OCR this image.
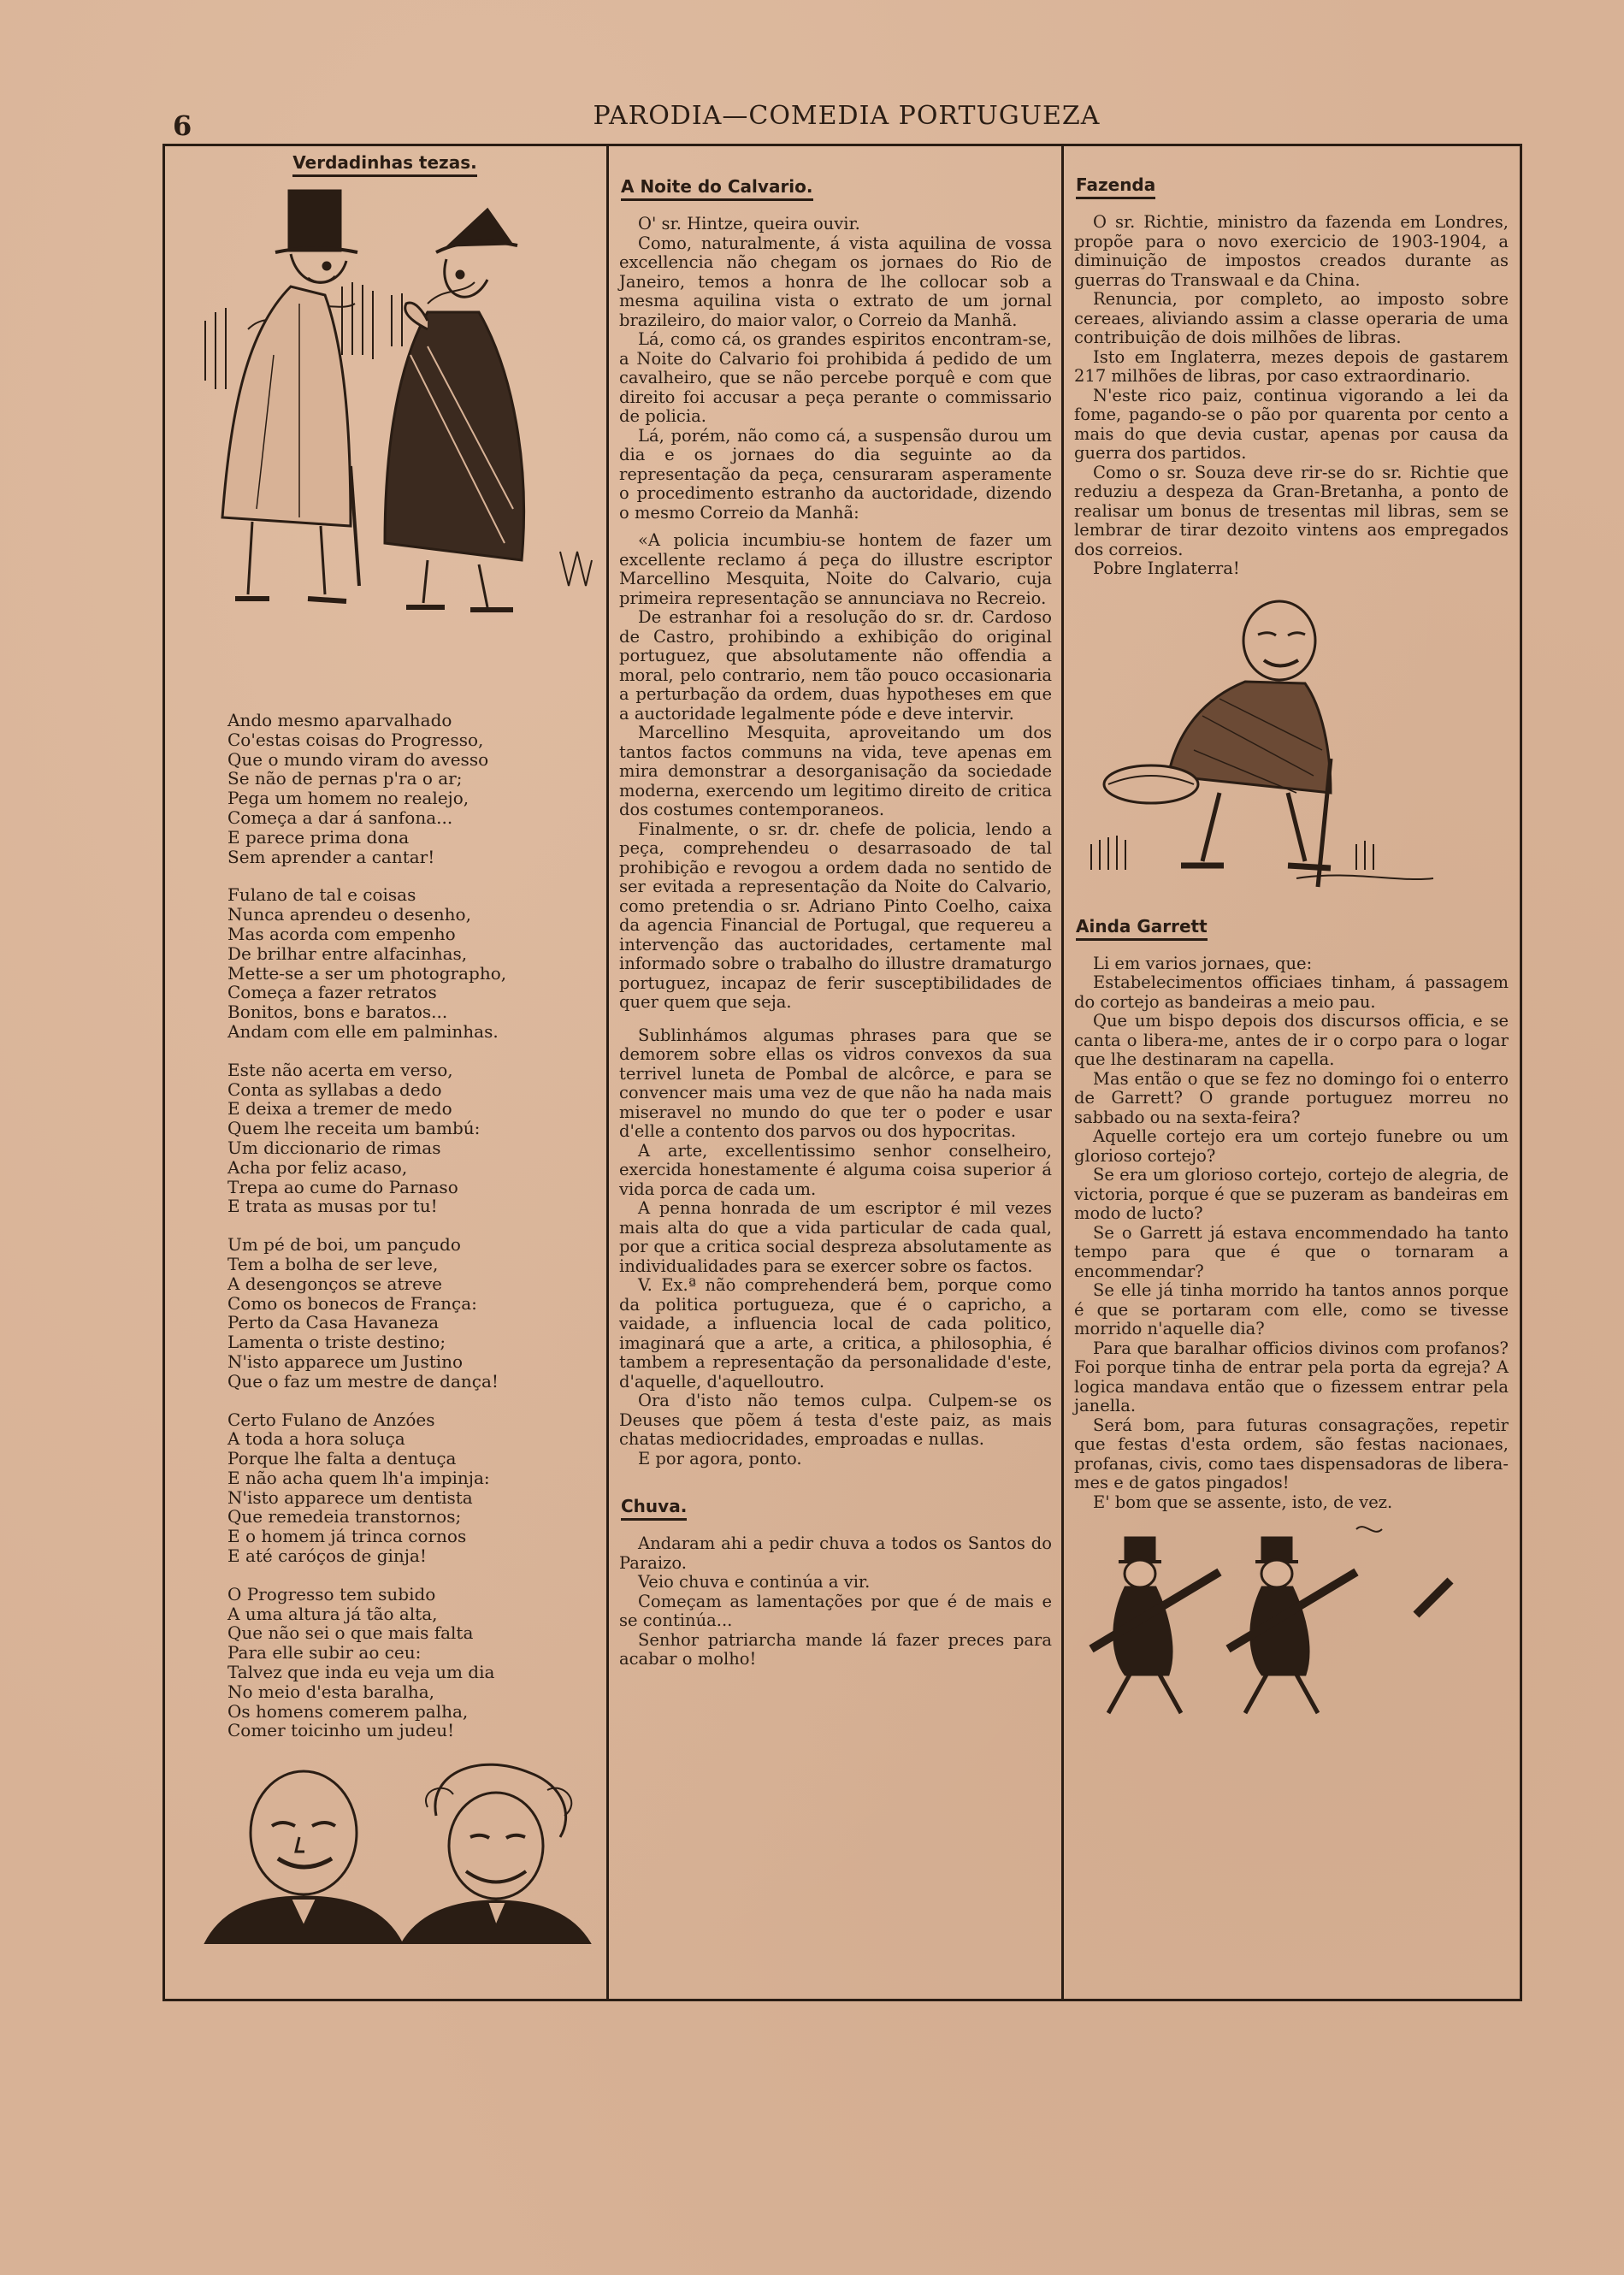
6	PARODIA—COMEDIA PORTUGUEZA
Verdadinhas tezas.
Ando mesmo aparvalhado
Co'estas coisas do Progresso,
Que o mundo viram do avesso
Se não de pernas p'ra o ar;
Pega um homem no realejo,
Começa a dar á sanfona...
E parece prima dona
Sem aprender a cantar!
Fulano de tal e coisas
Nunca aprendeu o desenho,
Mas acorda com empenho
De brilhar entre alfacinhas,
Mette-se a ser um photographo,
Começa a fazer retratos
Bonitos, bons e baratos...
Andam com elle em palminhas.
Este não acerta em verso,
Conta as syllabas a dedo
E deixa a tremer de medo
Quem lhe receita um bambú:
Um diccionario de rimas
Acha por feliz acaso,
Trepa ao cume do Parnaso
E trata as musas por tu!
Um pé de boi, um pançudo
Tem a bolha de ser leve,
A desengonços se atreve
Como os bonecos de França:
Perto da Casa Havaneza
Lamenta o triste destino;
N'isto apparece um Justino
Que o faz um mestre de dança!
Certo Fulano de Anzóes
A toda a hora soluça
Porque lhe falta a dentuça
E não acha quem lh'a impinja:
N'isto apparece um dentista
Que remedeia transtornos;
E o homem já trinca cornos
E até caróços de ginja!
O Progresso tem subido
A uma altura já tão alta,
Que não sei o que mais falta
Para elle subir ao ceu:
Talvez que inda eu veja um dia
No meio d'esta baralha,
Os homens comerem palha,
Comer toicinho um judeu!
A Noite do Calvario.

O' sr. Hintze, queira ouvir.

Como, naturalmente, á vista aquilina de vossa excellencia não chegam os jornaes do Rio de Janeiro, temos a honra de lhe collocar sob a mesma aquilina vista o extrato de um jornal brazileiro, do maior valor, o Correio da Manhã.

Lá, como cá, os grandes espiritos encontram-se, a Noite do Calvario foi prohibida á pedido de um cavalheiro, que se não percebe porquê e com que direito foi accusar a peça perante o commissario de policia.

Lá, porém, não como cá, a suspensão durou um dia e os jornaes do dia seguinte ao da representação da peça, censuraram asperamente o procedimento estranho da auctoridade, dizendo o mesmo Correio da Manhã:

«A policia incumbiu-se hontem de fazer um excellente reclamo á peça do illustre escriptor Marcellino Mesquita, Noite do Calvario, cuja primeira representação se annunciava no Recreio.

De estranhar foi a resolução do sr. dr. Cardoso de Castro, prohibindo a exhibição do original portuguez, que absolutamente não offendia a moral, pelo contrario, nem tão pouco occasionaria a perturbação da ordem, duas hypotheses em que a auctoridade legalmente póde e deve intervir.

Marcellino Mesquita, aproveitando um dos tantos factos communs na vida, teve apenas em mira demonstrar a desorganisação da sociedade moderna, exercendo um legitimo direito de critica dos costumes contemporaneos.

Finalmente, o sr. dr. chefe de policia, lendo a peça, comprehendeu o desarrasoado de tal prohibição e revogou a ordem dada no sentido de ser evitada a representação da Noite do Calvario, como pretendia o sr. Adriano Pinto Coelho, caixa da agencia Financial de Portugal, que requereu a intervenção das auctoridades, certamente mal informado sobre o trabalho do illustre dramaturgo portuguez, incapaz de ferir susceptibilidades de quer quem que seja.

Sublinhámos algumas phrases para que se demorem sobre ellas os vidros convexos da sua terrivel luneta de Pombal de alcôrce, e para se convencer mais uma vez de que não ha nada mais miseravel no mundo do que ter o poder e usar d'elle a contento dos parvos ou dos hypocritas.

A arte, excellentissimo senhor conselheiro, exercida honestamente é alguma coisa superior á vida porca de cada um.

A penna honrada de um escriptor é mil vezes mais alta do que a vida particular de cada qual, por que a critica social despreza absolutamente as individualidades para se exercer sobre os factos.

V. Ex.ª não comprehenderá bem, porque como da politica portugueza, que é o capricho, a vaidade, a influencia local de cada politico, imaginará que a arte, a critica, a philosophia, é tambem a representação da personalidade d'este, d'aquelle, d'aquelloutro.

Ora d'isto não temos culpa. Culpem-se os Deuses que põem á testa d'este paiz, as mais chatas mediocridades, emproadas e nullas.

E por agora, ponto.

Chuva.

Andaram ahi a pedir chuva a todos os Santos do Paraizo.

Veio chuva e continúa a vir.

Começam as lamentações por que é de mais e se continúa...

Senhor patriarcha mande lá fazer preces para acabar o molho!

Fazenda

O sr. Richtie, ministro da fazenda em Londres, propõe para o novo exercicio de 1903-1904, a diminuição de impostos creados durante as guerras do Transwaal e da China.

Renuncia, por completo, ao imposto sobre cereaes, aliviando assim a classe operaria de uma contribuição de dois milhões de libras.

Isto em Inglaterra, mezes depois de gastarem 217 milhões de libras, por caso extraordinario.

N'este rico paiz, continua vigorando a lei da fome, pagando-se o pão por quarenta por cento a mais do que devia custar, apenas por causa da guerra dos partidos.

Como o sr. Souza deve rir-se do sr. Richtie que reduziu a despeza da Gran-Bretanha, a ponto de realisar um bonus de tresentas mil libras, sem se lembrar de tirar dezoito vintens aos empregados dos correios.

Pobre Inglaterra!

Ainda Garrett

Li em varios jornaes, que:

Estabelecimentos officiaes tinham, á passagem do cortejo as bandeiras a meio pau.

Que um bispo depois dos discursos officia, e se canta o libera-me, antes de ir o corpo para o logar que lhe destinaram na capella.

Mas então o que se fez no domingo foi o enterro de Garrett? O grande portuguez morreu no sabbado ou na sexta-feira?

Aquelle cortejo era um cortejo funebre ou um glorioso cortejo?

Se era um glorioso cortejo, cortejo de alegria, de victoria, porque é que se puzeram as bandeiras em modo de lucto?

Se o Garrett já estava encommendado ha tanto tempo para que é que o tornaram a encommendar?

Se elle já tinha morrido ha tantos annos porque é que se portaram com elle, como se tivesse morrido n'aquelle dia?

Para que baralhar officios divinos com profanos? Foi porque tinha de entrar pela porta da egreja? A logica mandava então que o fizessem entrar pela janella.

Será bom, para futuras consagrações, repetir que festas d'esta ordem, são festas nacionaes, profanas, civis, como taes dispensadoras de libera-mes e de gatos pingados!

E' bom que se assente, isto, de vez.
